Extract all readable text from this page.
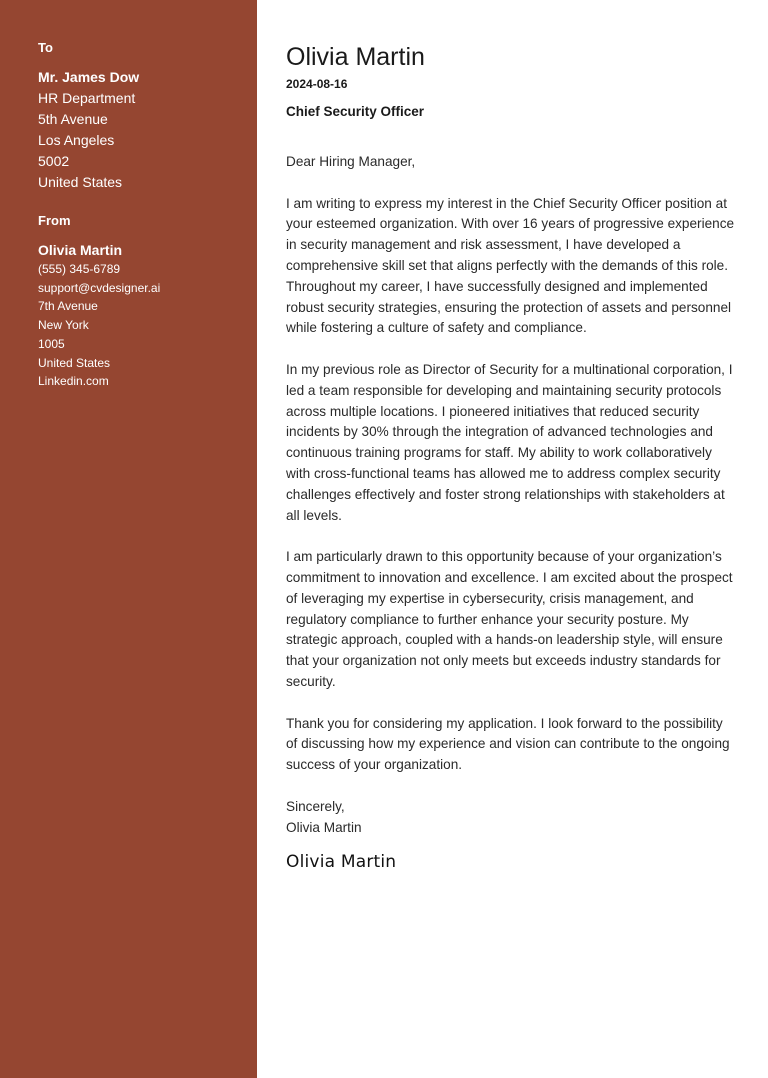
To
Mr. James Dow
HR Department
5th Avenue
Los Angeles
5002
United States
From
Olivia Martin
(555) 345-6789
support@cvdesigner.ai
7th Avenue
New York
1005
United States
Linkedin.com
Olivia Martin
2024-08-16
Chief Security Officer

Dear Hiring Manager,

I am writing to express my interest in the Chief Security Officer position at your esteemed organization. With over 16 years of progressive experience in security management and risk assessment, I have developed a comprehensive skill set that aligns perfectly with the demands of this role. Throughout my career, I have successfully designed and implemented robust security strategies, ensuring the protection of assets and personnel while fostering a culture of safety and compliance.

In my previous role as Director of Security for a multinational corporation, I led a team responsible for developing and maintaining security protocols across multiple locations. I pioneered initiatives that reduced security incidents by 30% through the integration of advanced technologies and continuous training programs for staff. My ability to work collaboratively with cross-functional teams has allowed me to address complex security challenges effectively and foster strong relationships with stakeholders at all levels.

I am particularly drawn to this opportunity because of your organization’s commitment to innovation and excellence. I am excited about the prospect of leveraging my expertise in cybersecurity, crisis management, and regulatory compliance to further enhance your security posture. My strategic approach, coupled with a hands-on leadership style, will ensure that your organization not only meets but exceeds industry standards for security.

Thank you for considering my application. I look forward to the possibility of discussing how my experience and vision can contribute to the ongoing success of your organization.

Sincerely,
Olivia Martin

Olivia Martin
